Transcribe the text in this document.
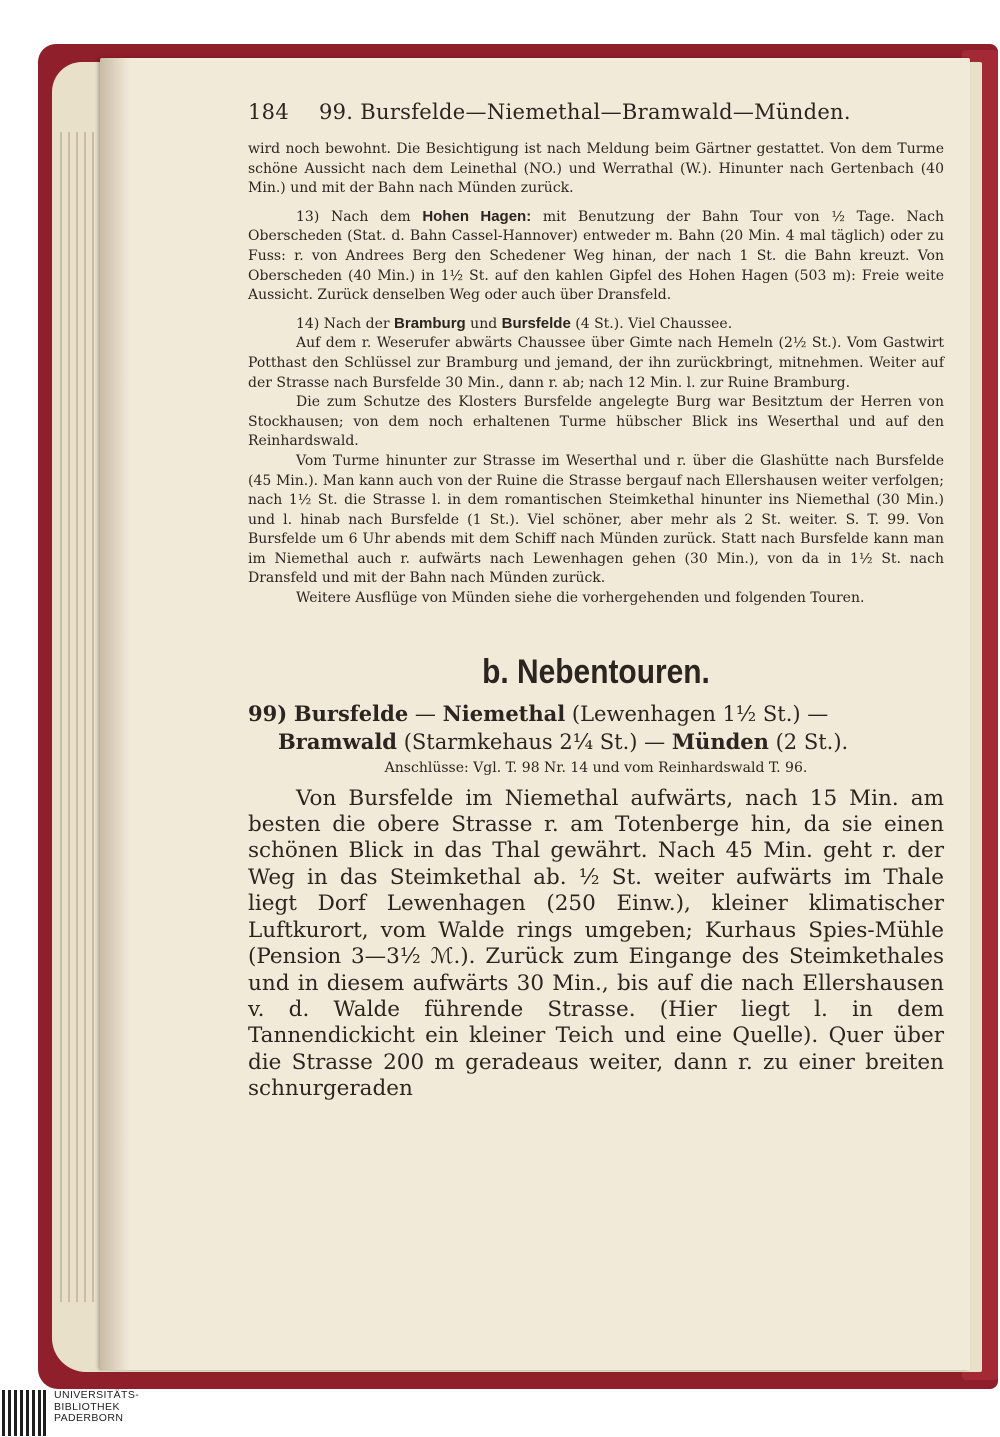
184 99. Bursfelde—Niemethal—Bramwald—Münden.

wird noch bewohnt. Die Besichtigung ist nach Meldung beim Gärtner gestattet. Von dem Turme schöne Aussicht nach dem Leinethal (NO.) und Werrathal (W.). Hinunter nach Gertenbach (40 Min.) und mit der Bahn nach Münden zurück.

13) Nach dem Hohen Hagen: mit Benutzung der Bahn Tour von ½ Tage. Nach Oberscheden (Stat. d. Bahn Cassel-Hannover) entweder m. Bahn (20 Min. 4 mal täglich) oder zu Fuss: r. von Andrees Berg den Schedener Weg hinan, der nach 1 St. die Bahn kreuzt. Von Oberscheden (40 Min.) in 1½ St. auf den kahlen Gipfel des Hohen Hagen (503 m): Freie weite Aussicht. Zurück denselben Weg oder auch über Dransfeld.

14) Nach der Bramburg und Bursfelde (4 St.). Viel Chaussee.

Auf dem r. Weserufer abwärts Chaussee über Gimte nach Hemeln (2½ St.). Vom Gastwirt Potthast den Schlüssel zur Bramburg und jemand, der ihn zurückbringt, mitnehmen. Weiter auf der Strasse nach Bursfelde 30 Min., dann r. ab; nach 12 Min. l. zur Ruine Bramburg.

Die zum Schutze des Klosters Bursfelde angelegte Burg war Besitztum der Herren von Stockhausen; von dem noch erhaltenen Turme hübscher Blick ins Weserthal und auf den Reinhardswald.

Vom Turme hinunter zur Strasse im Weserthal und r. über die Glashütte nach Bursfelde (45 Min.). Man kann auch von der Ruine die Strasse bergauf nach Ellershausen weiter verfolgen; nach 1½ St. die Strasse l. in dem romantischen Steimkethal hinunter ins Niemethal (30 Min.) und l. hinab nach Bursfelde (1 St.). Viel schöner, aber mehr als 2 St. weiter. S. T. 99. Von Bursfelde um 6 Uhr abends mit dem Schiff nach Münden zurück. Statt nach Bursfelde kann man im Niemethal auch r. aufwärts nach Lewenhagen gehen (30 Min.), von da in 1½ St. nach Dransfeld und mit der Bahn nach Münden zurück.

Weitere Ausflüge von Münden siehe die vorhergehenden und folgenden Touren.

b. Nebentouren.
99) Bursfelde — Niemethal (Lewenhagen 1½ St.) —
Bramwald (Starmkehaus 2¼ St.) — Münden (2 St.).
Anschlüsse: Vgl. T. 98 Nr. 14 und vom Reinhardswald T. 96.

Von Bursfelde im Niemethal aufwärts, nach 15 Min. am besten die obere Strasse r. am Totenberge hin, da sie einen schönen Blick in das Thal gewährt. Nach 45 Min. geht r. der Weg in das Steimkethal ab. ½ St. weiter aufwärts im Thale liegt Dorf Lewenhagen (250 Einw.), kleiner klimatischer Luftkurort, vom Walde rings umgeben; Kurhaus Spies-Mühle (Pension 3—3½ ℳ.). Zurück zum Eingange des Steimkethales und in diesem aufwärts 30 Min., bis auf die nach Ellershausen v. d. Walde führende Strasse. (Hier liegt l. in dem Tannendickicht ein kleiner Teich und eine Quelle). Quer über die Strasse 200 m geradeaus weiter, dann r. zu einer breiten schnurgeraden

UNIVERSITÄTS-
BIBLIOTHEK
PADERBORN
